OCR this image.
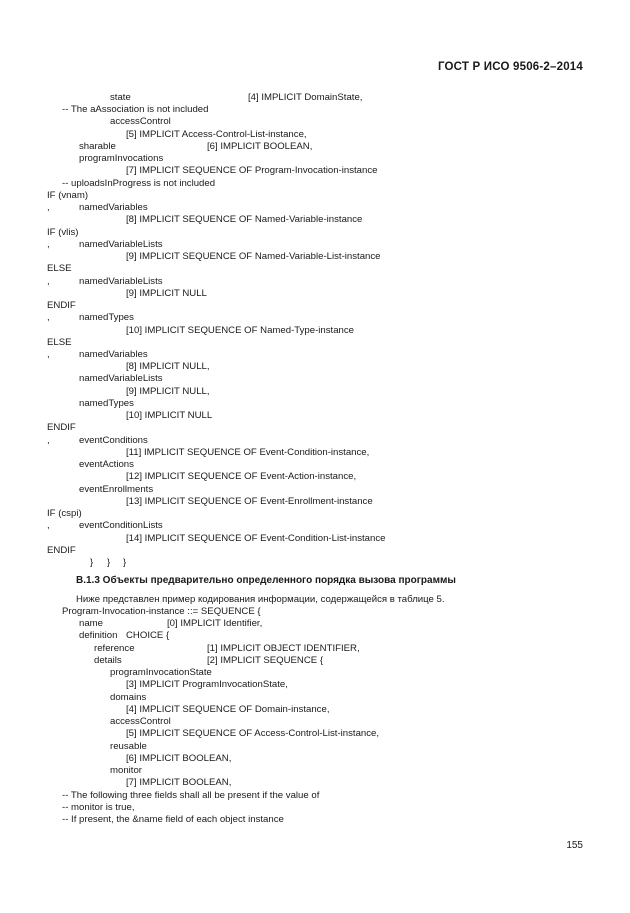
ГОСТ Р ИСО 9506-2–2014
state	[4] IMPLICIT DomainState,
-- The aAssociation is not included
accessControl
[5] IMPLICIT Access-Control-List-instance,
sharable	[6] IMPLICIT BOOLEAN,
programInvocations
[7] IMPLICIT SEQUENCE OF Program-Invocation-instance
-- uploadsInProgress is not included
IF (vnam)
,	namedVariables
[8] IMPLICIT SEQUENCE OF Named-Variable-instance
IF (vlis)
,	namedVariableLists
[9] IMPLICIT SEQUENCE OF Named-Variable-List-instance
ELSE
,	namedVariableLists
[9] IMPLICIT NULL
ENDIF
,	namedTypes
[10] IMPLICIT SEQUENCE OF Named-Type-instance
ELSE
,	namedVariables
[8] IMPLICIT NULL,
namedVariableLists
[9] IMPLICIT NULL,
namedTypes
[10] IMPLICIT NULL
ENDIF
,	eventConditions
[11] IMPLICIT SEQUENCE OF Event-Condition-instance,
eventActions
[12] IMPLICIT SEQUENCE OF Event-Action-instance,
eventEnrollments
[13] IMPLICIT SEQUENCE OF Event-Enrollment-instance
IF (cspi)
,	eventConditionLists
[14] IMPLICIT SEQUENCE OF Event-Condition-List-instance
ENDIF
} } }
B.1.3 Объекты предварительно определенного порядка вызова программы
Ниже представлен пример кодирования информации, содержащейся в таблице 5.
Program-Invocation-instance ::= SEQUENCE {
name	[0] IMPLICIT Identifier,
definition CHOICE {
reference	[1] IMPLICIT OBJECT IDENTIFIER,
details	[2] IMPLICIT SEQUENCE {
programInvocationState
[3] IMPLICIT ProgramInvocationState,
domains
[4] IMPLICIT SEQUENCE OF Domain-instance,
accessControl
[5] IMPLICIT SEQUENCE OF Access-Control-List-instance,
reusable
[6] IMPLICIT BOOLEAN,
monitor
[7] IMPLICIT BOOLEAN,
-- The following three fields shall all be present if the value of
-- monitor is true,
-- If present, the &name field of each object instance
155
